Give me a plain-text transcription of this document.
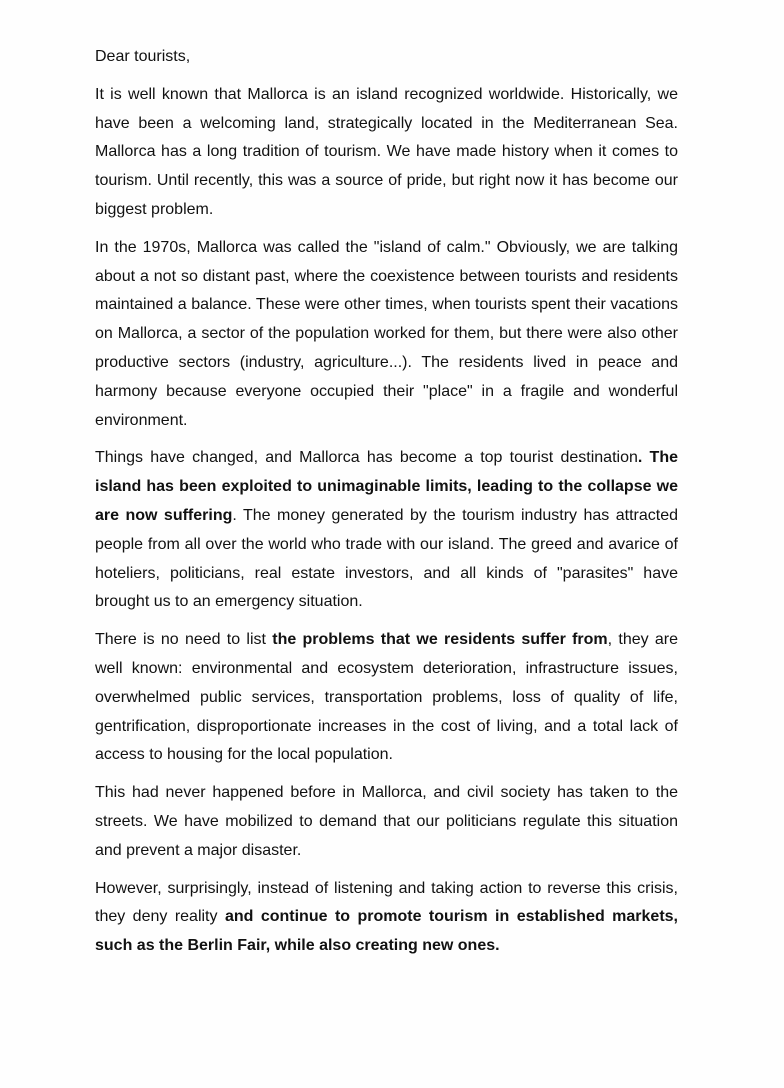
Dear tourists,

It is well known that Mallorca is an island recognized worldwide. Historically, we have been a welcoming land, strategically located in the Mediterranean Sea. Mallorca has a long tradition of tourism. We have made history when it comes to tourism. Until recently, this was a source of pride, but right now it has become our biggest problem.

In the 1970s, Mallorca was called the "island of calm." Obviously, we are talking about a not so distant past, where the coexistence between tourists and residents maintained a balance. These were other times, when tourists spent their vacations on Mallorca, a sector of the population worked for them, but there were also other productive sectors (industry, agriculture...). The residents lived in peace and harmony because everyone occupied their "place" in a fragile and wonderful environment.

Things have changed, and Mallorca has become a top tourist destination. The island has been exploited to unimaginable limits, leading to the collapse we are now suffering. The money generated by the tourism industry has attracted people from all over the world who trade with our island. The greed and avarice of hoteliers, politicians, real estate investors, and all kinds of "parasites" have brought us to an emergency situation.

There is no need to list the problems that we residents suffer from, they are well known: environmental and ecosystem deterioration, infrastructure issues, overwhelmed public services, transportation problems, loss of quality of life, gentrification, disproportionate increases in the cost of living, and a total lack of access to housing for the local population.

This had never happened before in Mallorca, and civil society has taken to the streets. We have mobilized to demand that our politicians regulate this situation and prevent a major disaster.

However, surprisingly, instead of listening and taking action to reverse this crisis, they deny reality and continue to promote tourism in established markets, such as the Berlin Fair, while also creating new ones.
